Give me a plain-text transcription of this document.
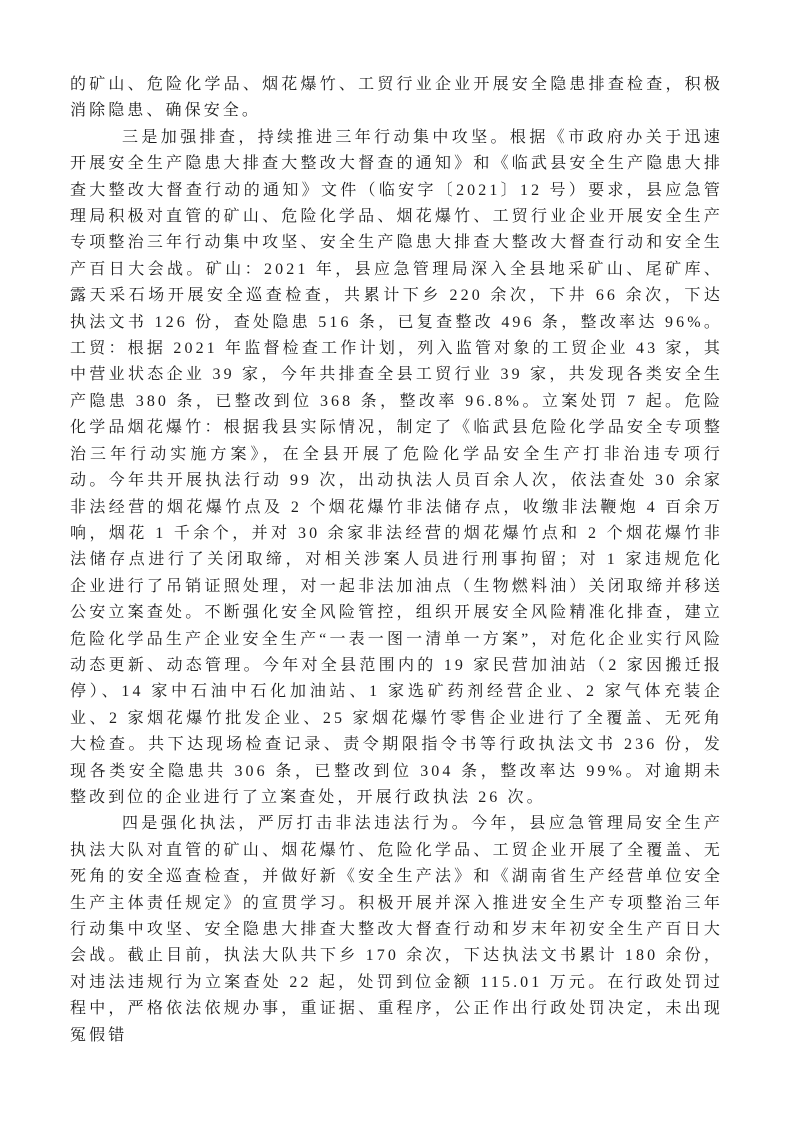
的矿山、危险化学品、烟花爆竹、工贸行业企业开展安全隐患排查检查，积极消除隐患、确保安全。

三是加强排查，持续推进三年行动集中攻坚。根据《市政府办关于迅速开展安全生产隐患大排查大整改大督查的通知》和《临武县安全生产隐患大排查大整改大督查行动的通知》文件（临安字〔2021〕12 号）要求，县应急管理局积极对直管的矿山、危险化学品、烟花爆竹、工贸行业企业开展安全生产专项整治三年行动集中攻坚、安全生产隐患大排查大整改大督查行动和安全生产百日大会战。矿山：2021 年，县应急管理局深入全县地采矿山、尾矿库、露天采石场开展安全巡查检查，共累计下乡 220 余次，下井 66 余次，下达执法文书 126 份，查处隐患 516 条，已复查整改 496 条，整改率达 96%。工贸：根据 2021 年监督检查工作计划，列入监管对象的工贸企业 43 家，其中营业状态企业 39 家，今年共排查全县工贸行业 39 家，共发现各类安全生产隐患 380 条，已整改到位 368 条，整改率 96.8%。立案处罚 7 起。危险化学品烟花爆竹：根据我县实际情况，制定了《临武县危险化学品安全专项整治三年行动实施方案》，在全县开展了危险化学品安全生产打非治违专项行动。今年共开展执法行动 99 次，出动执法人员百余人次，依法查处 30 余家非法经营的烟花爆竹点及 2 个烟花爆竹非法储存点，收缴非法鞭炮 4 百余万响，烟花 1 千余个，并对 30 余家非法经营的烟花爆竹点和 2 个烟花爆竹非法储存点进行了关闭取缔，对相关涉案人员进行刑事拘留；对 1 家违规危化企业进行了吊销证照处理，对一起非法加油点（生物燃料油）关闭取缔并移送公安立案查处。不断强化安全风险管控，组织开展安全风险精准化排查，建立危险化学品生产企业安全生产“一表一图一清单一方案”，对危化企业实行风险动态更新、动态管理。今年对全县范围内的 19 家民营加油站（2 家因搬迁报停）、14 家中石油中石化加油站、1 家选矿药剂经营企业、2 家气体充装企业、2 家烟花爆竹批发企业、25 家烟花爆竹零售企业进行了全覆盖、无死角大检查。共下达现场检查记录、责令期限指令书等行政执法文书 236 份，发现各类安全隐患共 306 条，已整改到位 304 条，整改率达 99%。对逾期未整改到位的企业进行了立案查处，开展行政执法 26 次。

四是强化执法，严厉打击非法违法行为。今年，县应急管理局安全生产执法大队对直管的矿山、烟花爆竹、危险化学品、工贸企业开展了全覆盖、无死角的安全巡查检查，并做好新《安全生产法》和《湖南省生产经营单位安全生产主体责任规定》的宣贯学习。积极开展并深入推进安全生产专项整治三年行动集中攻坚、安全隐患大排查大整改大督查行动和岁末年初安全生产百日大会战。截止目前，执法大队共下乡 170 余次，下达执法文书累计 180 余份，对违法违规行为立案查处 22 起，处罚到位金额 115.01 万元。在行政处罚过程中，严格依法依规办事，重证据、重程序，公正作出行政处罚决定，未出现冤假错
